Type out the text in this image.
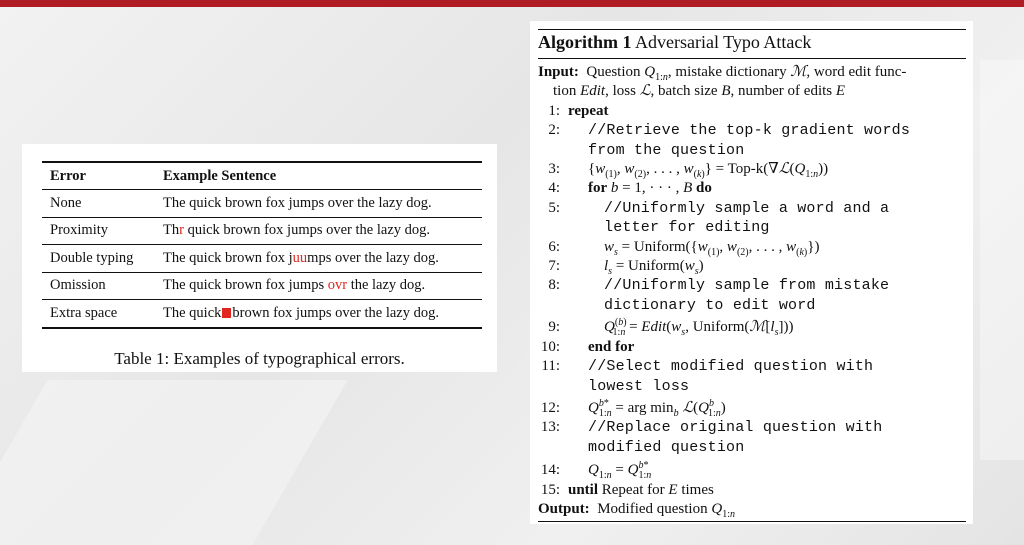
Error	Example Sentence
None	The quick brown fox jumps over the lazy dog.
Proximity	Thr quick brown fox jumps over the lazy dog.
Double typing	The quick brown fox juumps over the lazy dog.
Omission	The quick brown fox jumps ovr the lazy dog.
Extra space	The quick brown fox jumps over the lazy dog.
Table 1: Examples of typographical errors.
Algorithm 1 Adversarial Typo Attack
Input:  Question $Q_{1:n}$, mistake dictionary ℳ, word edit func-
tion Edit, loss ℒ, batch size B, number of edits E
1: repeat
2: //Retrieve the top-k gradient words
from the question
3: {$w_{(1)}$, $w_{(2)}$, . . . , $w_{(k)}$} = Top-$k(\nabla ℒ(Q_{1:n}))$
4: for b = 1, · · · , B do
5:	//Uniformly sample a word and a
letter for editing
6:	$w_s$ = $Uniform(\{w_{(1)}$, $w_{(2)}$, . . . , $w_{(k)}$})
7:	$l_s$ = $Uniform(w_s)$
8:	//Uniformly sample from mistake
dictionary to edit word
9:	$Q^{(b)}_{1:n}$ = $Edit(w_s$, $Uniform(ℳ[l_s])$)
10: end for
11: //Select modified question with
lowest loss
12: $Q^{b*}_{1:n}$ = arg $\min_b$ $ℒ(Q^b_{1:n})$
13: //Replace original question with
modified question
14: $Q_{1:n} = Q^{b*}_{1:n}$
15: until Repeat for E times
Output:  Modified question $Q_{1:n}$
